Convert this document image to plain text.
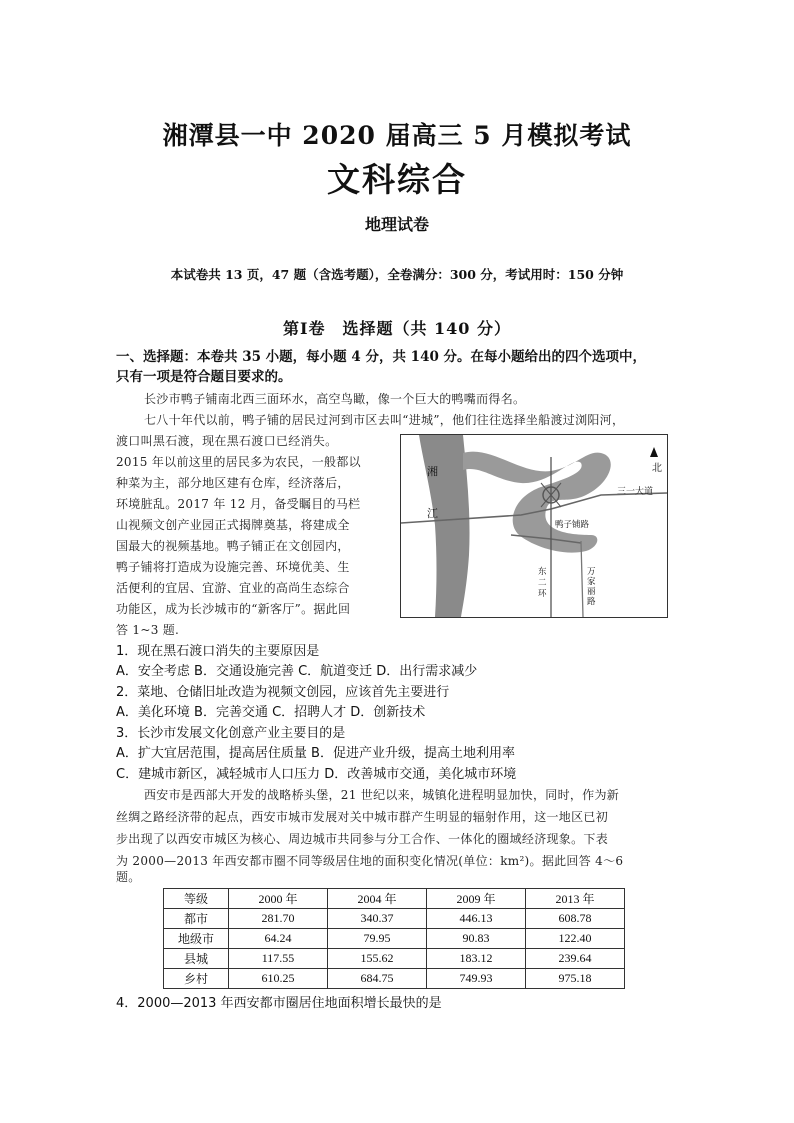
湘潭县一中 2020 届高三 5 月模拟考试
文科综合
地理试卷
本试卷共 13 页，47 题（含选考题），全卷满分：300 分，考试用时：150 分钟
第Ⅰ卷　选择题（共 140 分）
一、选择题：本卷共 35 小题，每小题 4 分，共 140 分。在每小题给出的四个选项中，
只有一项是符合题目要求的。
长沙市鸭子铺南北西三面环水，高空鸟瞰，像一个巨大的鸭嘴而得名。
七八十年代以前，鸭子铺的居民过河到市区去叫“进城”，他们往往选择坐船渡过浏阳河，
渡口叫黑石渡，现在黑石渡口已经消失。
2015 年以前这里的居民多为农民，一般都以
种菜为主，部分地区建有仓库，经济落后，
环境脏乱。2017 年 12 月，备受瞩目的马栏
山视频文创产业园正式揭牌奠基，将建成全
国最大的视频基地。鸭子铺正在文创园内，
鸭子铺将打造成为设施完善、环境优美、生
活便利的宜居、宜游、宜业的高尚生态综合
功能区，成为长沙城市的“新客厅”。据此回
答 1~3 题.
北
湘
江
三一大道
鸭子铺路
东
二
环
万
家
丽
路
1．现在黑石渡口消失的主要原因是
A．安全考虑 B．交通设施完善 C．航道变迁 D．出行需求减少
2．菜地、仓储旧址改造为视频文创园，应该首先主要进行
A．美化环境 B．完善交通 C．招聘人才 D．创新技术
3．长沙市发展文化创意产业主要目的是
A．扩大宜居范围，提高居住质量 B．促进产业升级，提高土地利用率
C．建城市新区，减轻城市人口压力 D．改善城市交通，美化城市环境
西安市是西部大开发的战略桥头堡，21 世纪以来，城镇化进程明显加快，同时，作为新
丝绸之路经济带的起点，西安市城市发展对关中城市群产生明显的辐射作用，这一地区已初
步出现了以西安市城区为核心、周边城市共同参与分工合作、一体化的圈域经济现象。下表
为 2000—2013 年西安都市圈不同等级居住地的面积变化情况(单位：km²)。据此回答 4～6
题。
等级	2000 年	2004 年	2009 年	2013 年
都市	281.70	340.37	446.13	608.78
地级市	64.24	79.95	90.83	122.40
县城	117.55	155.62	183.12	239.64
乡村	610.25	684.75	749.93	975.18
4．2000—2013 年西安都市圈居住地面积增长最快的是
